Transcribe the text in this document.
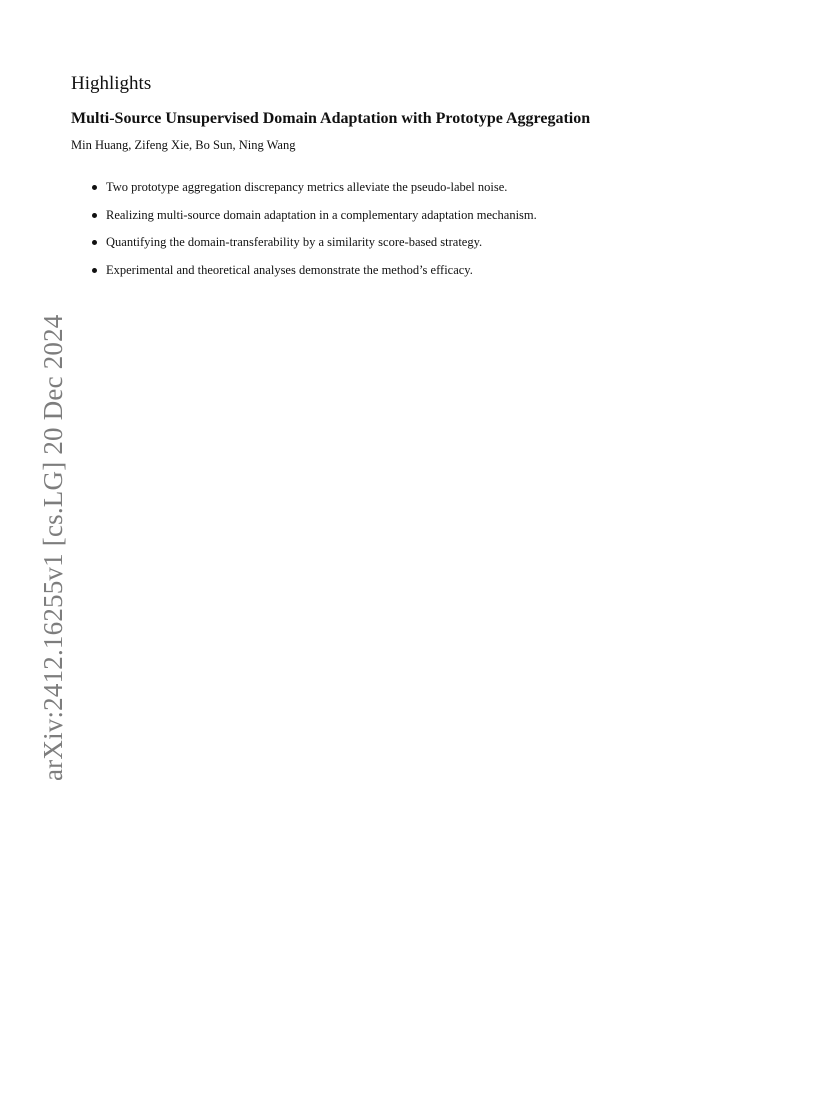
arXiv:2412.16255v1 [cs.LG] 20 Dec 2024
Highlights
Multi-Source Unsupervised Domain Adaptation with Prototype Aggregation

Min Huang, Zifeng Xie, Bo Sun, Ning Wang

Two prototype aggregation discrepancy metrics alleviate the pseudo-label noise.
Realizing multi-source domain adaptation in a complementary adaptation mechanism.
Quantifying the domain-transferability by a similarity score-based strategy.
Experimental and theoretical analyses demonstrate the method’s efficacy.
